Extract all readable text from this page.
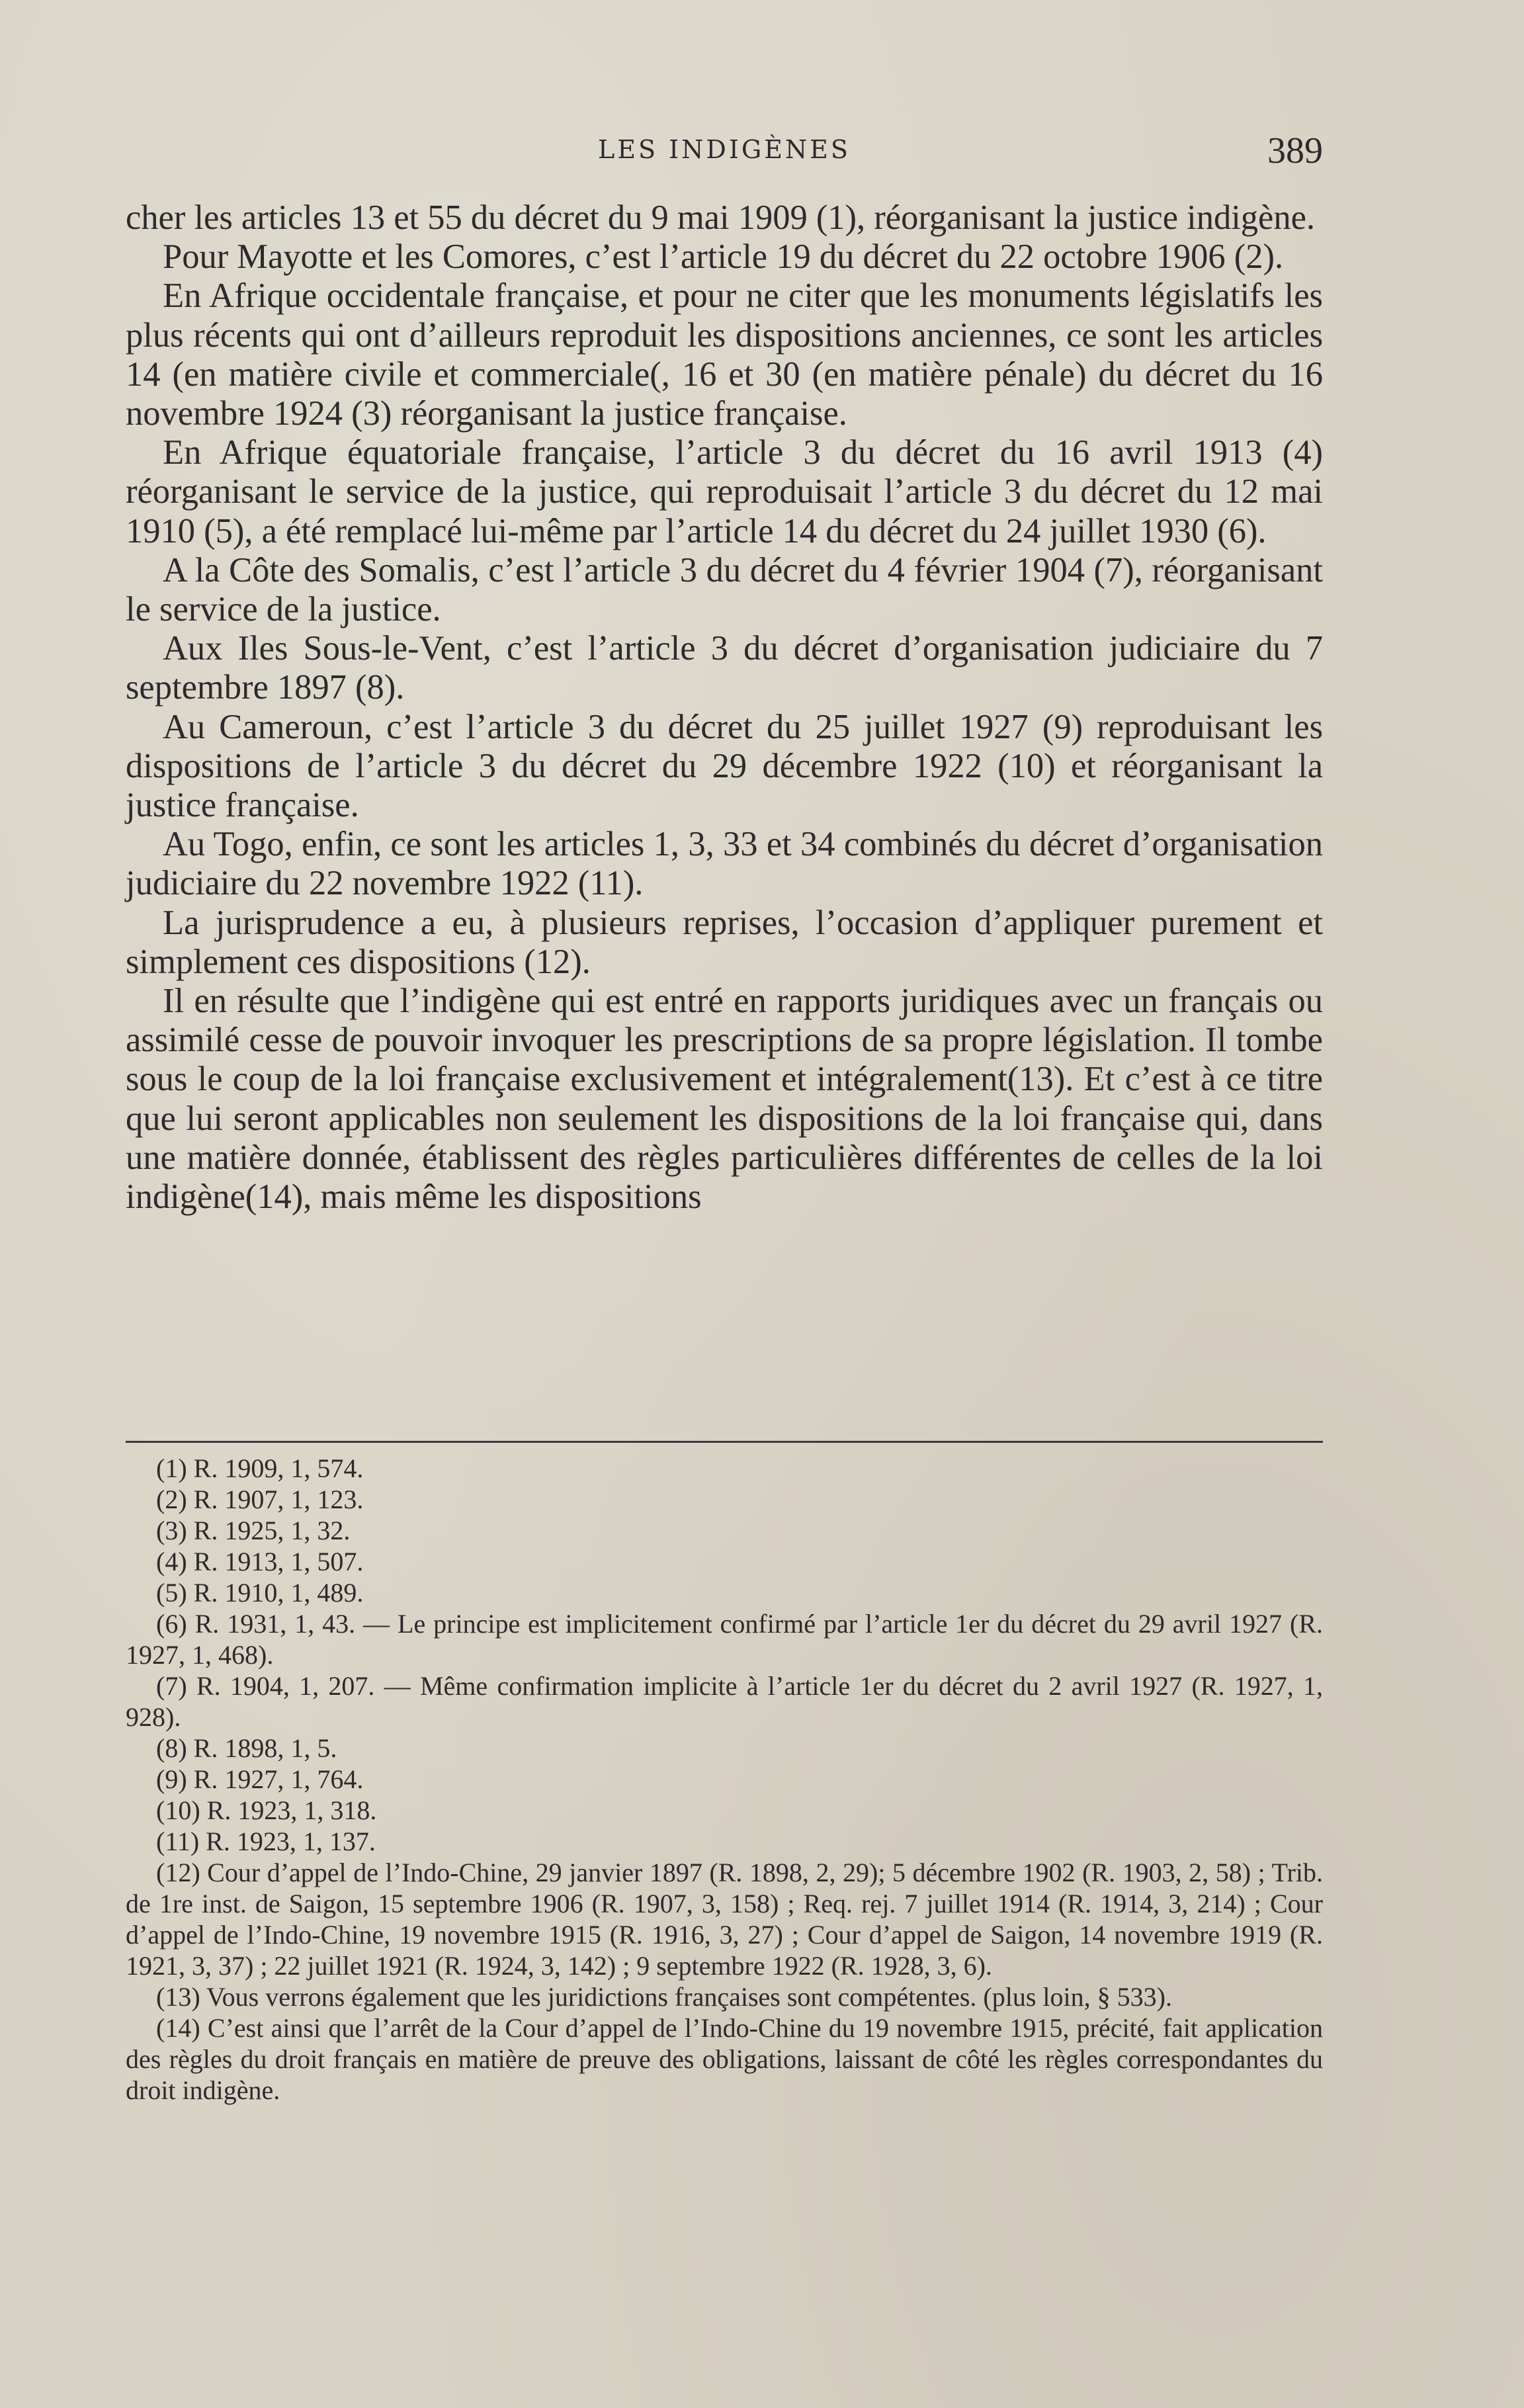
LES INDIGÈNES	389

cher les articles 13 et 55 du décret du 9 mai 1909 (1), réorganisant la justice indigène.

Pour Mayotte et les Comores, c’est l’article 19 du décret du 22 octobre 1906 (2).

En Afrique occidentale française, et pour ne citer que les monuments législatifs les plus récents qui ont d’ailleurs reproduit les dispositions anciennes, ce sont les articles 14 (en matière civile et commerciale(, 16 et 30 (en matière pénale) du décret du 16 novembre 1924 (3) réorganisant la justice française.

En Afrique équatoriale française, l’article 3 du décret du 16 avril 1913 (4) réorganisant le service de la justice, qui reproduisait l’article 3 du décret du 12 mai 1910 (5), a été remplacé lui-même par l’article 14 du décret du 24 juillet 1930 (6).

A la Côte des Somalis, c’est l’article 3 du décret du 4 février 1904 (7), réorganisant le service de la justice.

Aux Iles Sous-le-Vent, c’est l’article 3 du décret d’organisation judiciaire du 7 septembre 1897 (8).

Au Cameroun, c’est l’article 3 du décret du 25 juillet 1927 (9) reproduisant les dispositions de l’article 3 du décret du 29 décembre 1922 (10) et réorganisant la justice française.

Au Togo, enfin, ce sont les articles 1, 3, 33 et 34 combinés du décret d’organisation judiciaire du 22 novembre 1922 (11).

La jurisprudence a eu, à plusieurs reprises, l’occasion d’appliquer purement et simplement ces dispositions (12).

Il en résulte que l’indigène qui est entré en rapports juridiques avec un français ou assimilé cesse de pouvoir invoquer les prescriptions de sa propre législation. Il tombe sous le coup de la loi française exclusivement et intégralement(13). Et c’est à ce titre que lui seront applicables non seulement les dispositions de la loi française qui, dans une matière donnée, établissent des règles particulières différentes de celles de la loi indigène(14), mais même les dispositions

(1) R. 1909, 1, 574.

(2) R. 1907, 1, 123.

(3) R. 1925, 1, 32.

(4) R. 1913, 1, 507.

(5) R. 1910, 1, 489.

(6) R. 1931, 1, 43. — Le principe est implicitement confirmé par l’article 1er du décret du 29 avril 1927 (R. 1927, 1, 468).

(7) R. 1904, 1, 207. — Même confirmation implicite à l’article 1er du décret du 2 avril 1927 (R. 1927, 1, 928).

(8) R. 1898, 1, 5.

(9) R. 1927, 1, 764.

(10) R. 1923, 1, 318.

(11) R. 1923, 1, 137.

(12) Cour d’appel de l’Indo-Chine, 29 janvier 1897 (R. 1898, 2, 29); 5 décembre 1902 (R. 1903, 2, 58) ; Trib. de 1re inst. de Saigon, 15 septembre 1906 (R. 1907, 3, 158) ; Req. rej. 7 juillet 1914 (R. 1914, 3, 214) ; Cour d’appel de l’Indo-Chine, 19 novembre 1915 (R. 1916, 3, 27) ; Cour d’appel de Saigon, 14 novembre 1919 (R. 1921, 3, 37) ; 22 juillet 1921 (R. 1924, 3, 142) ; 9 septembre 1922 (R. 1928, 3, 6).

(13) Vous verrons également que les juridictions françaises sont compétentes. (plus loin, § 533).

(14) C’est ainsi que l’arrêt de la Cour d’appel de l’Indo-Chine du 19 novembre 1915, précité, fait application des règles du droit français en matière de preuve des obligations, laissant de côté les règles correspondantes du droit indigène.
